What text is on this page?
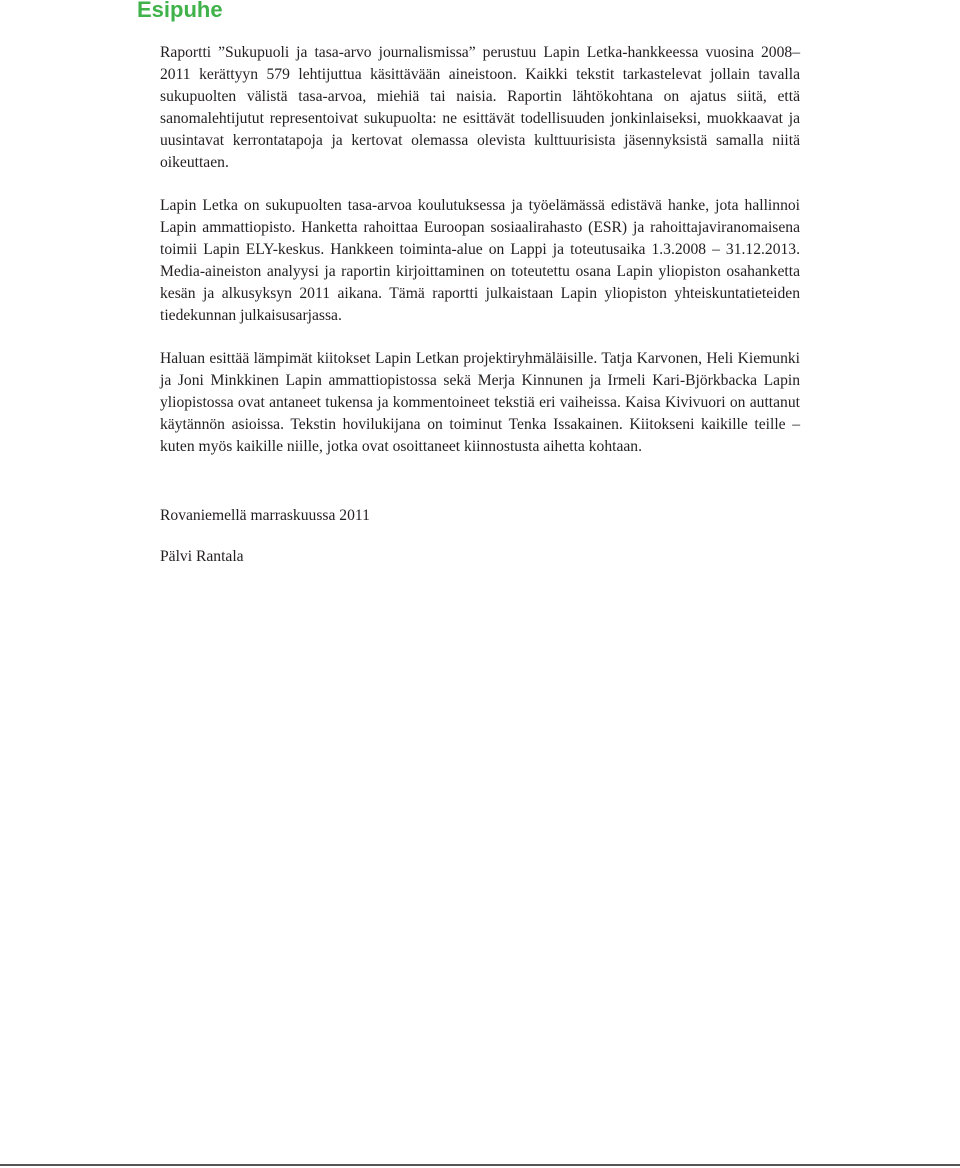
Esipuhe

Raportti ”Sukupuoli ja tasa-arvo journalismissa” perustuu Lapin Letka-hankkeessa vuosina 2008–2011 kerättyyn 579 lehtijuttua käsittävään aineistoon. Kaikki tekstit tarkastelevat jollain tavalla sukupuolten välistä tasa-arvoa, miehiä tai naisia. Raportin lähtökohtana on ajatus siitä, että sanomalehtijutut representoivat sukupuolta: ne esittävät todellisuuden jonkinlaiseksi, muokkaavat ja uusintavat kerrontatapoja ja kertovat olemassa olevista kulttuurisista jäsennyksistä samalla niitä oikeuttaen.

Lapin Letka on sukupuolten tasa-arvoa koulutuksessa ja työelämässä edistävä hanke, jota hallinnoi Lapin ammattiopisto. Hanketta rahoittaa Euroopan sosiaalirahasto (ESR) ja rahoittajaviranomaisena toimii Lapin ELY-keskus. Hankkeen toiminta-alue on Lappi ja toteutusaika 1.3.2008 – 31.12.2013. Media-aineiston analyysi ja raportin kirjoittaminen on toteutettu osana Lapin yliopiston osahanketta kesän ja alkusyksyn 2011 aikana. Tämä raportti julkaistaan Lapin yliopiston yhteiskuntatieteiden tiedekunnan julkaisusarjassa.

Haluan esittää lämpimät kiitokset Lapin Letkan projektiryhmäläisille. Tatja Karvonen, Heli Kiemunki ja Joni Minkkinen Lapin ammattiopistossa sekä Merja Kinnunen ja Irmeli Kari-Björkbacka Lapin yliopistossa ovat antaneet tukensa ja kommentoineet tekstiä eri vaiheissa. Kaisa Kivivuori on auttanut käytännön asioissa. Tekstin hovilukijana on toiminut Tenka Issakainen. Kiitokseni kaikille teille – kuten myös kaikille niille, jotka ovat osoittaneet kiinnostusta aihetta kohtaan.

Rovaniemellä marraskuussa 2011

Pälvi Rantala
